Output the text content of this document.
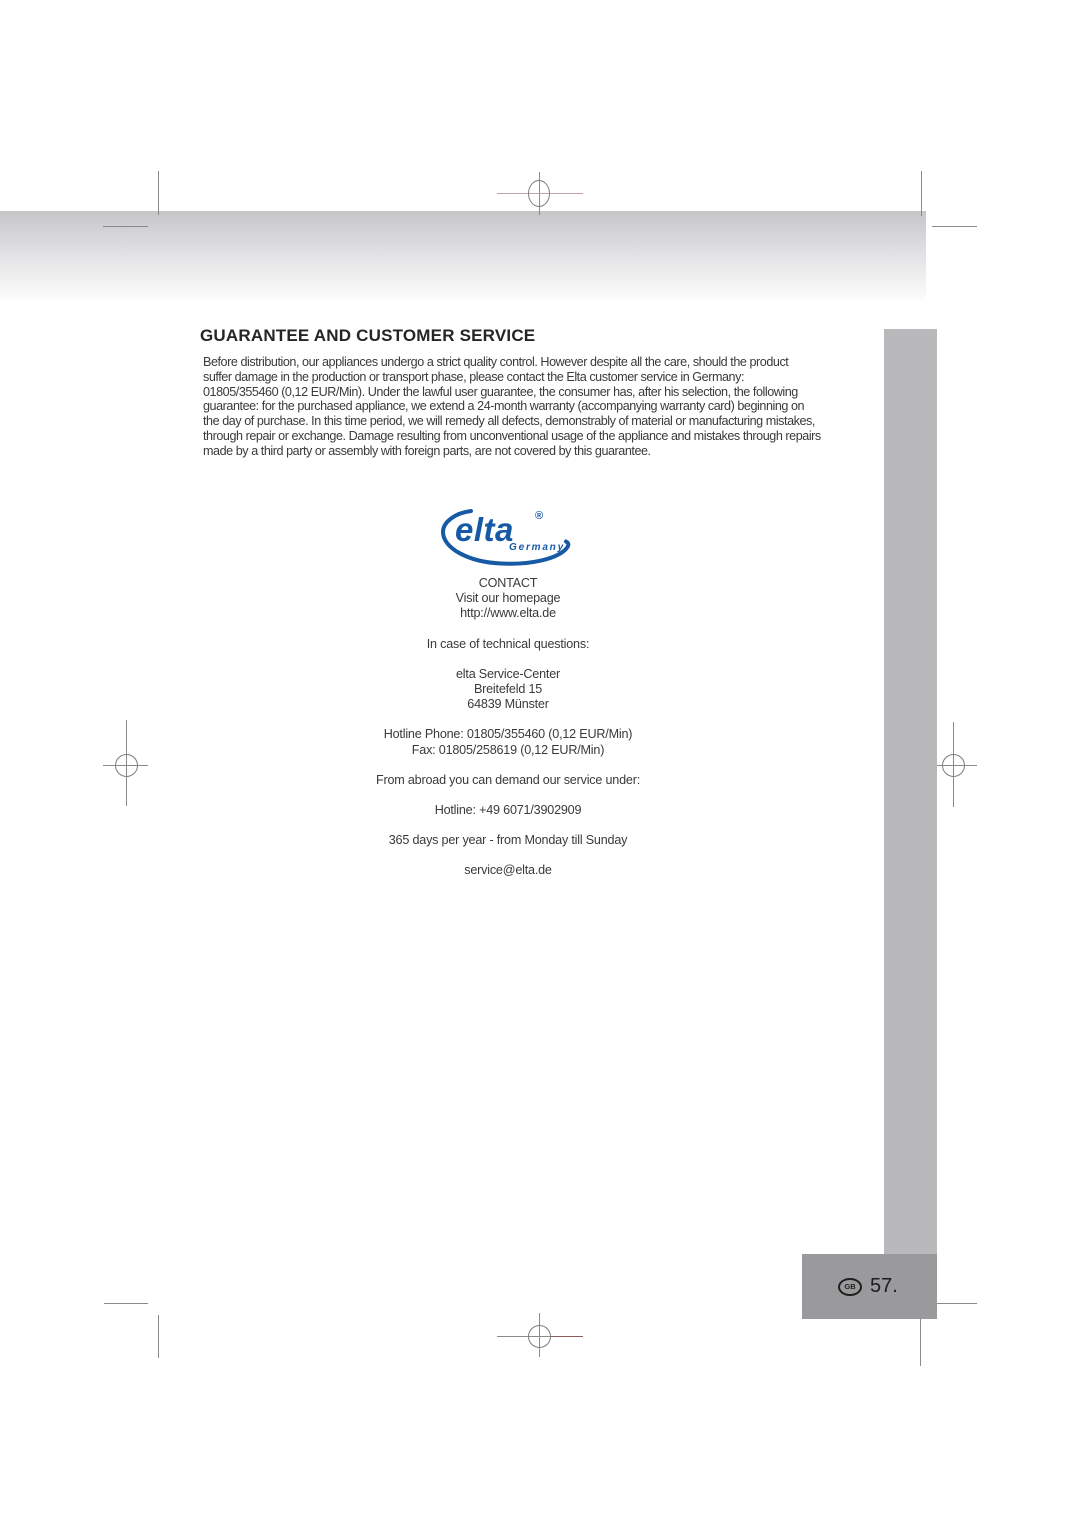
GUARANTEE AND CUSTOMER SERVICE
Before distribution, our appliances undergo a strict quality control. However despite all the care, should the product
suffer damage in the production or transport phase, please contact the Elta customer service in Germany:
01805/355460 (0,12 EUR/Min). Under the lawful user guarantee, the consumer has, after his selection, the following
guarantee: for the purchased appliance, we extend a 24-month warranty (accompanying warranty card) beginning on
the day of purchase. In this time period, we will remedy all defects, demonstrably of material or manufacturing mistakes,
through repair or exchange. Damage resulting from unconventional usage of the appliance and mistakes through repairs
made by a third party or assembly with foreign parts, are not covered by this guarantee.
elta ®
Germany
CONTACT
Visit our homepage
http://www.elta.de
In case of technical questions:
elta Service-Center
Breitefeld 15
64839 Münster
Hotline Phone: 01805/355460 (0,12 EUR/Min)
Fax: 01805/258619 (0,12 EUR/Min)
From abroad you can demand our service under:
Hotline: +49 6071/3902909
365 days per year - from Monday till Sunday
service@elta.de
GB 57.
